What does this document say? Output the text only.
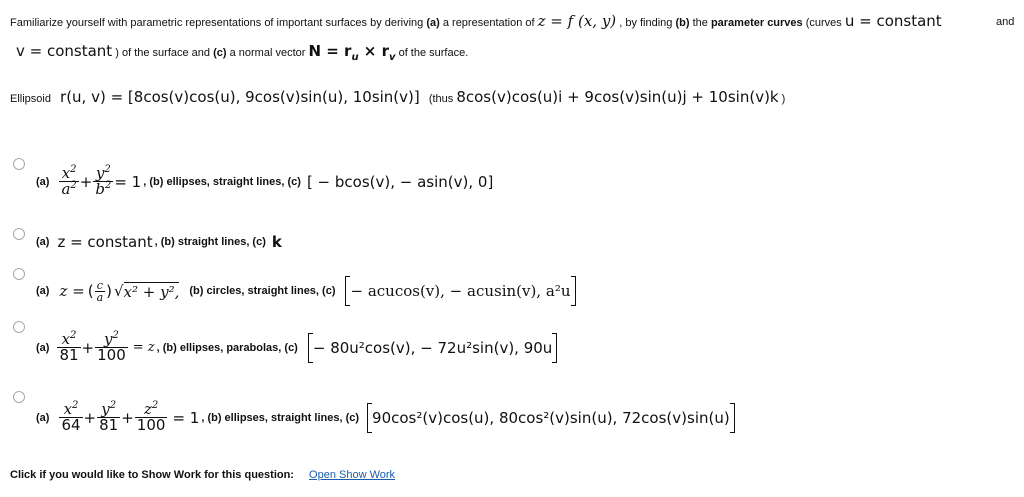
Familiarize yourself with parametric representations of important surfaces by deriving (a) a representation of z = f (x, y) , by finding (b) the parameter curves (curves u = constant	and
v = constant ) of the surface and (c) a normal vector $N = r_u \times r_v$ of the surface.
Ellipsoid r(u, v) = [8cos(v)cos(u), 9cos(v)sin(u), 10sin(v)] (thus 8cos(v)cos(u)i + 9cos(v)sin(u)j + 10sin(v)k )
$(a) \frac{x^2}{a^2} + \frac{y^2}{b^2} = 1$ , (b) ellipses, straight lines, (c) [ − bcos(v), − asin(v), 0]
(a) z = constant , (b) straight lines, (c) k
(a) z = ( $\frac{c}{a}$ ) √ x² + y², (b) circles, straight lines, (c) − acucos(v), − acusin(v), a²u
$(a) \frac{x^2}{81} + \frac{y^2}{100} = z$ , (b) ellipses, parabolas, (c) − 80u²cos(v), − 72u²sin(v), 90u
$(a) \frac{x^2}{64} + \frac{y^2}{81} + \frac{z^2}{100} = 1$ , (b) ellipses, straight lines, (c) 90cos²(v)cos(u), 80cos²(v)sin(u), 72cos(v)sin(u)
Click if you would like to Show Work for this question: Open Show Work
